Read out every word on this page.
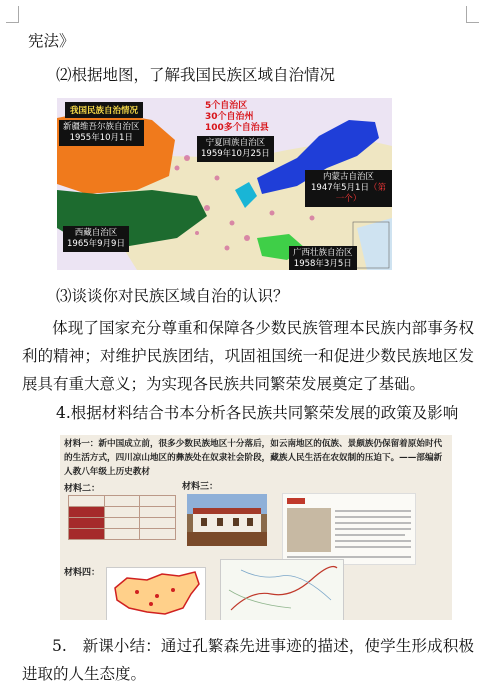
宪法》
⑵根据地图，了解我国民族区域自治情况
我国民族自治情况	5个自治区
30个自治州
100多个自治县
新疆维吾尔族自治区
1955年10月1日	宁夏回族自治区
1959年10月25日
内蒙古自治区
1947年5月1日（第一个）
西藏自治区
1965年9月9日
广西壮族自治区
1958年3月5日
⑶谈谈你对民族区域自治的认识？
体现了国家充分尊重和保障各少数民族管理本民族内部事务权利的精神；对维护民族团结，巩固祖国统一和促进少数民族地区发展具有重大意义；为实现各民族共同繁荣发展奠定了基础。
4.根据材料结合书本分析各民族共同繁荣发展的政策及影响
材料一：新中国成立前，很多少数民族地区十分落后，如云南地区的佤族、景颇族仍保留着原始时代的生活方式，四川凉山地区的彝族处在奴隶社会阶段，藏族人民生活在农奴制的压迫下。——部编新人教八年级上历史教材
材料二：	材料三：

材料四：
5.　新课小结：通过孔繁森先进事迹的描述，使学生形成积极进取的人生态度。
